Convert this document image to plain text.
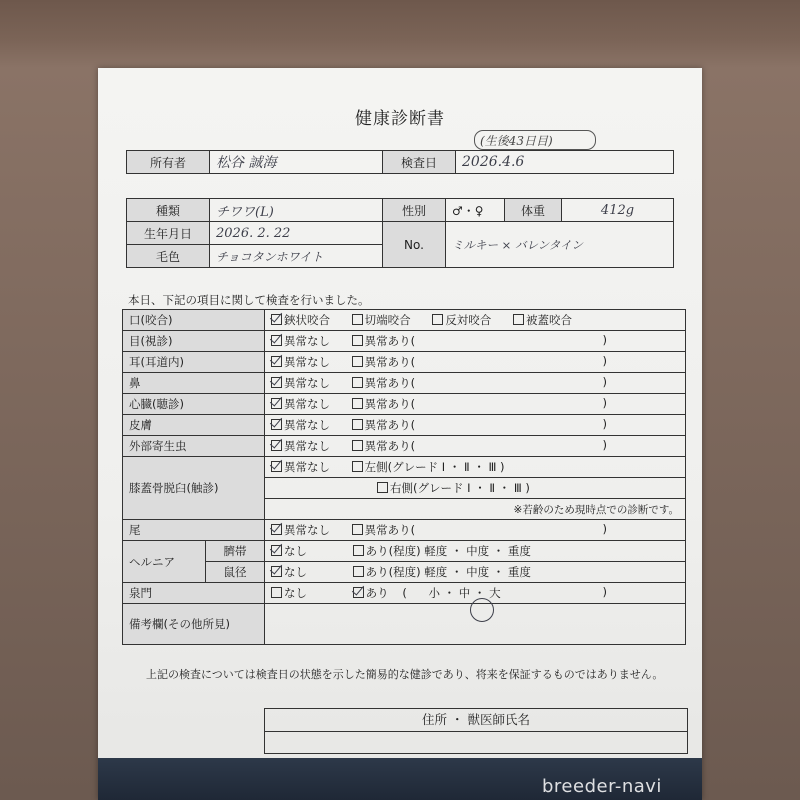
健康診断書
(生後43日目)
所有者	松谷 誠海	検査日	2026.4.6
種類	チワワ(L)	性別	♂・♀	体重	412g
生年月日	2026. 2. 22	No.	ミルキー × バレンタイン		
毛色	チョコタンホワイト				
本日、下記の項目に関して検査を行いました。
口(咬合)		鋏状咬合 切端咬合 反対咬合 被蓋咬合
目(視診)		異常なし 異常あり( )

耳(耳道内)		異常なし 異常あり( )

鼻		異常なし 異常あり( )

心臓(聴診)		異常なし 異常あり( )

皮膚		異常なし 異常あり( )

外部寄生虫		異常なし 異常あり( )

膝蓋骨脱臼(触診)		異常なし 左側(グレード Ⅰ ・ Ⅱ ・ Ⅲ )
		右側(グレード Ⅰ ・ Ⅱ ・ Ⅲ )
		※若齢のため現時点での診断です。
尾		異常なし 異常あり( )

ヘルニア	臍帯	なし あり(程度) 軽度 ・ 中度 ・ 重度
	鼠径	なし あり(程度) 軽度 ・ 中度 ・ 重度
泉門		なし あり ( 小 ・ 中 ・ 大 )

備考欄(その他所見)		
上記の検査については検査日の状態を示した簡易的な健診であり、将来を保証するものではありません。
住所 ・ 獣医師氏名
breeder-navi
